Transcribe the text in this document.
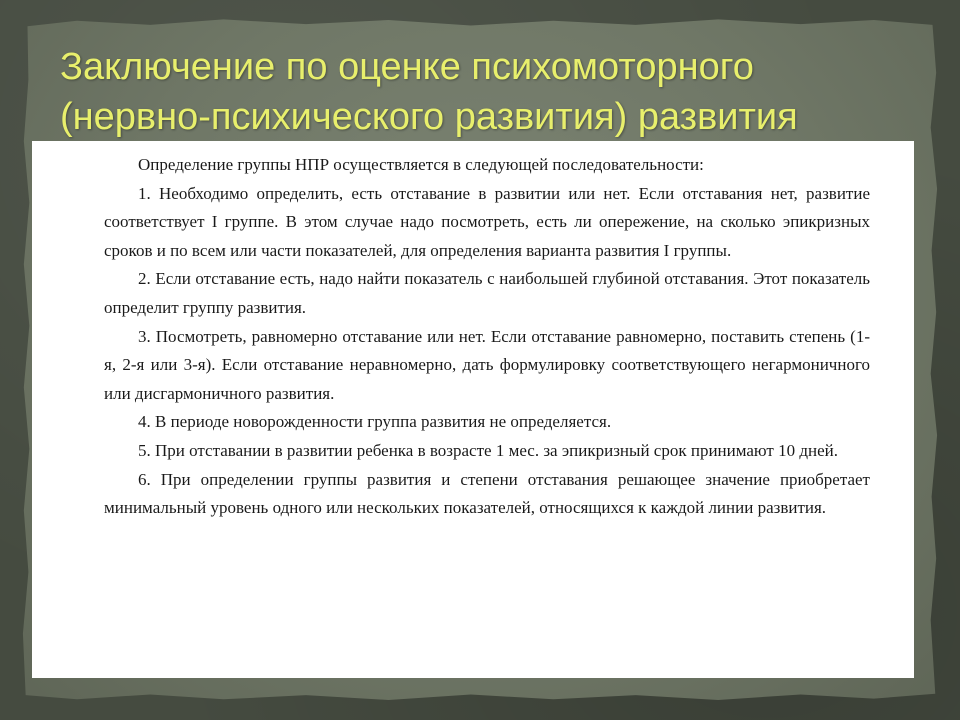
Заключение по оценке психомоторного
(нервно-психического развития) развития

Определение группы НПР осуществляется в следующей последовательности:

1. Необходимо определить, есть отставание в развитии или нет. Если отставания нет, развитие соответствует I группе. В этом случае надо посмотреть, есть ли опережение, на сколько эпикризных сроков и по всем или части показателей, для определения варианта развития I группы.

2. Если отставание есть, надо найти показатель с наибольшей глубиной отставания. Этот показатель определит группу развития.

3. Посмотреть, равномерно отставание или нет. Если отставание равномерно, поставить степень (1-я, 2-я или 3-я). Если отставание неравномерно, дать формулировку соответствующего негармоничного или дисгармоничного развития.

4. В периоде новорожденности группа развития не определяется.

5. При отставании в развитии ребенка в возрасте 1 мес. за эпикризный срок принимают 10 дней.

6. При определении группы развития и степени отставания решающее значение приобретает минимальный уровень одного или нескольких показателей, относящихся к каждой линии развития.
